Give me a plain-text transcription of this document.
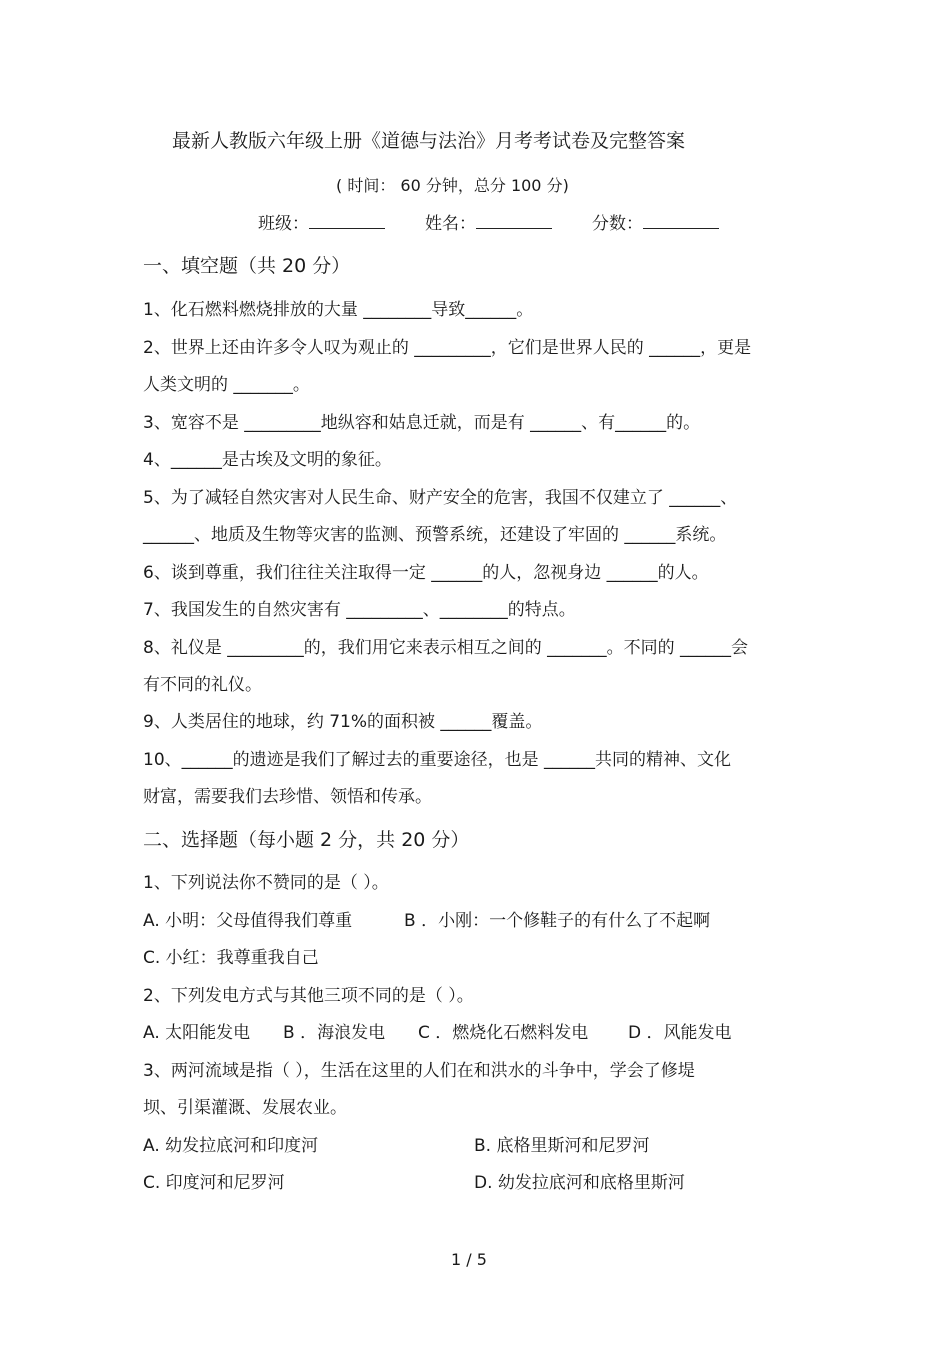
最新人教版六年级上册《道德与法治》月考考试卷及完整答案
( 时间： 60 分钟，总分 100 分)
班级：	姓名：	分数：
一、填空题（共 20 分）
1、化石燃料燃烧排放的大量 ________导致______。
2、世界上还由许多令人叹为观止的 _________，它们是世界人民的 ______，更是
人类文明的 _______。
3、宽容不是 _________地纵容和姑息迁就，而是有 ______、有______的。
4、______是古埃及文明的象征。
5、为了减轻自然灾害对人民生命、财产安全的危害，我国不仅建立了 ______、
______、地质及生物等灾害的监测、预警系统，还建设了牢固的 ______系统。
6、谈到尊重，我们往往关注取得一定 ______的人，忽视身边 ______的人。
7、我国发生的自然灾害有 _________、________的特点。
8、礼仪是 _________的，我们用它来表示相互之间的 _______。不同的 ______会
有不同的礼仪。
9、人类居住的地球，约 71%的面积被 ______覆盖。
10、______的遗迹是我们了解过去的重要途径，也是 ______共同的精神、文化
财富，需要我们去珍惜、领悟和传承。
二、选择题（每小题 2 分，共 20 分）
1、下列说法你不赞同的是（ ）。
A. 小明：父母值得我们尊重	B ．小刚：一个修鞋子的有什么了不起啊
C. 小红：我尊重我自己
2、下列发电方式与其他三项不同的是（ ）。
A. 太阳能发电 B ．海浪发电 C ．燃烧化石燃料发电 D ．风能发电
3、两河流域是指（ ），生活在这里的人们在和洪水的斗争中，学会了修堤
坝、引渠灌溉、发展农业。
A. 幼发拉底河和印度河	B. 底格里斯河和尼罗河
C. 印度河和尼罗河	D. 幼发拉底河和底格里斯河
1 / 5
